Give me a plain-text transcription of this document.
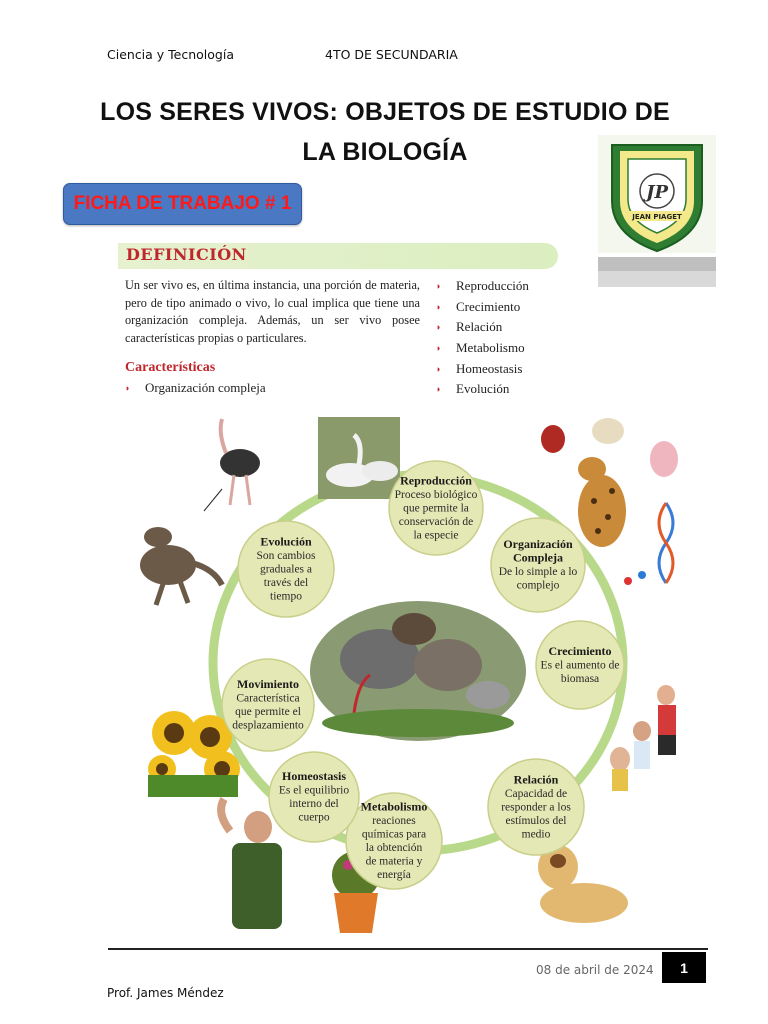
Ciencia y Tecnología	4TO DE SECUNDARIA
LOS SERES VIVOS: OBJETOS DE ESTUDIO DE
LA BIOLOGÍA
JP
JEAN PIAGET
FICHA DE TRABAJO # 1
DEFINICIÓN
Un ser vivo es, en última instancia, una porción de materia, pero de tipo animado o vivo, lo cual implica que tiene una organización compleja. Además, un ser vivo posee características propias o particulares.
Características
◗	Organización compleja
◗	Reproducción
◗	Crecimiento
◗	Relación
◗	Metabolismo
◗	Homeostasis
◗	Evolución
Reproducción
Proceso biológico
que permite la
conservación de
la especie
Organización
Compleja
De lo simple a lo
complejo
Crecimiento
Es el aumento de
biomasa
Relación
Capacidad de
responder a los
estímulos del
medio
Metabolismo
reaciones
químicas para
la obtención
de materia y
energía
Homeostasis
Es el equilibrio
interno del
cuerpo
Movimiento
Característica
que permite el
desplazamiento
Evolución
Son cambios
graduales a
través del
tiempo
08 de abril de 2024	1
Prof. James Méndez
